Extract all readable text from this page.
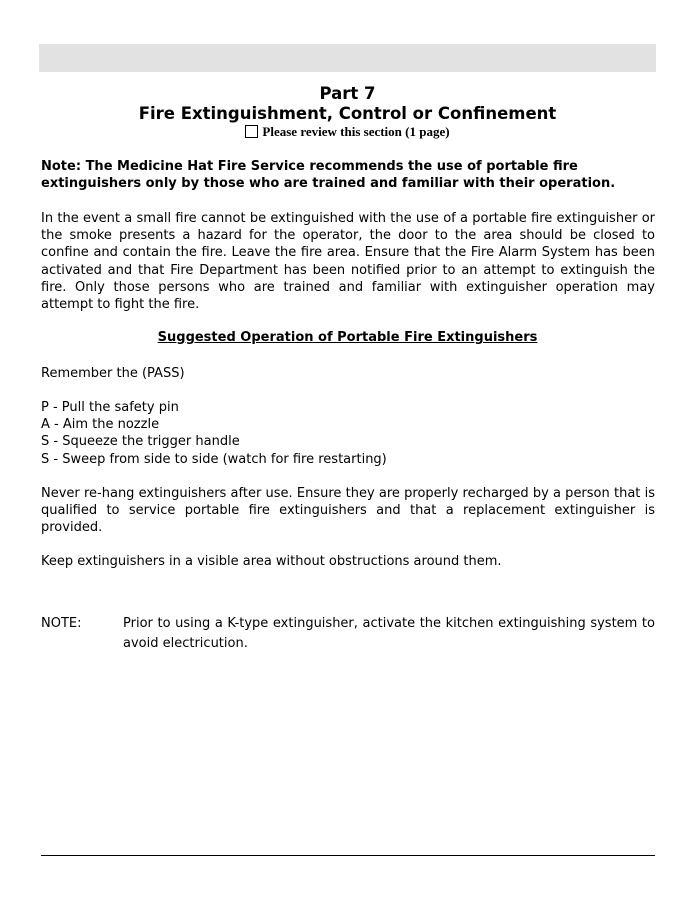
Part 7
Fire Extinguishment, Control or Confinement
Please review this section (1 page)

Note: The Medicine Hat Fire Service recommends the use of portable fire extinguishers only by those who are trained and familiar with their operation.

In the event a small fire cannot be extinguished with the use of a portable fire extinguisher or the smoke presents a hazard for the operator, the door to the area should be closed to confine and contain the fire. Leave the fire area. Ensure that the Fire Alarm System has been activated and that Fire Department has been notified prior to an attempt to extinguish the fire. Only those persons who are trained and familiar with extinguisher operation may attempt to fight the fire.

Suggested Operation of Portable Fire Extinguishers

Remember the (PASS)

P - Pull the safety pin
A - Aim the nozzle
S - Squeeze the trigger handle
S - Sweep from side to side (watch for fire restarting)

Never re-hang extinguishers after use. Ensure they are properly recharged by a person that is qualified to service portable fire extinguishers and that a replacement extinguisher is provided.

Keep extinguishers in a visible area without obstructions around them.

NOTE:	Prior to using a K-type extinguisher, activate the kitchen extinguishing system to avoid electricution.
